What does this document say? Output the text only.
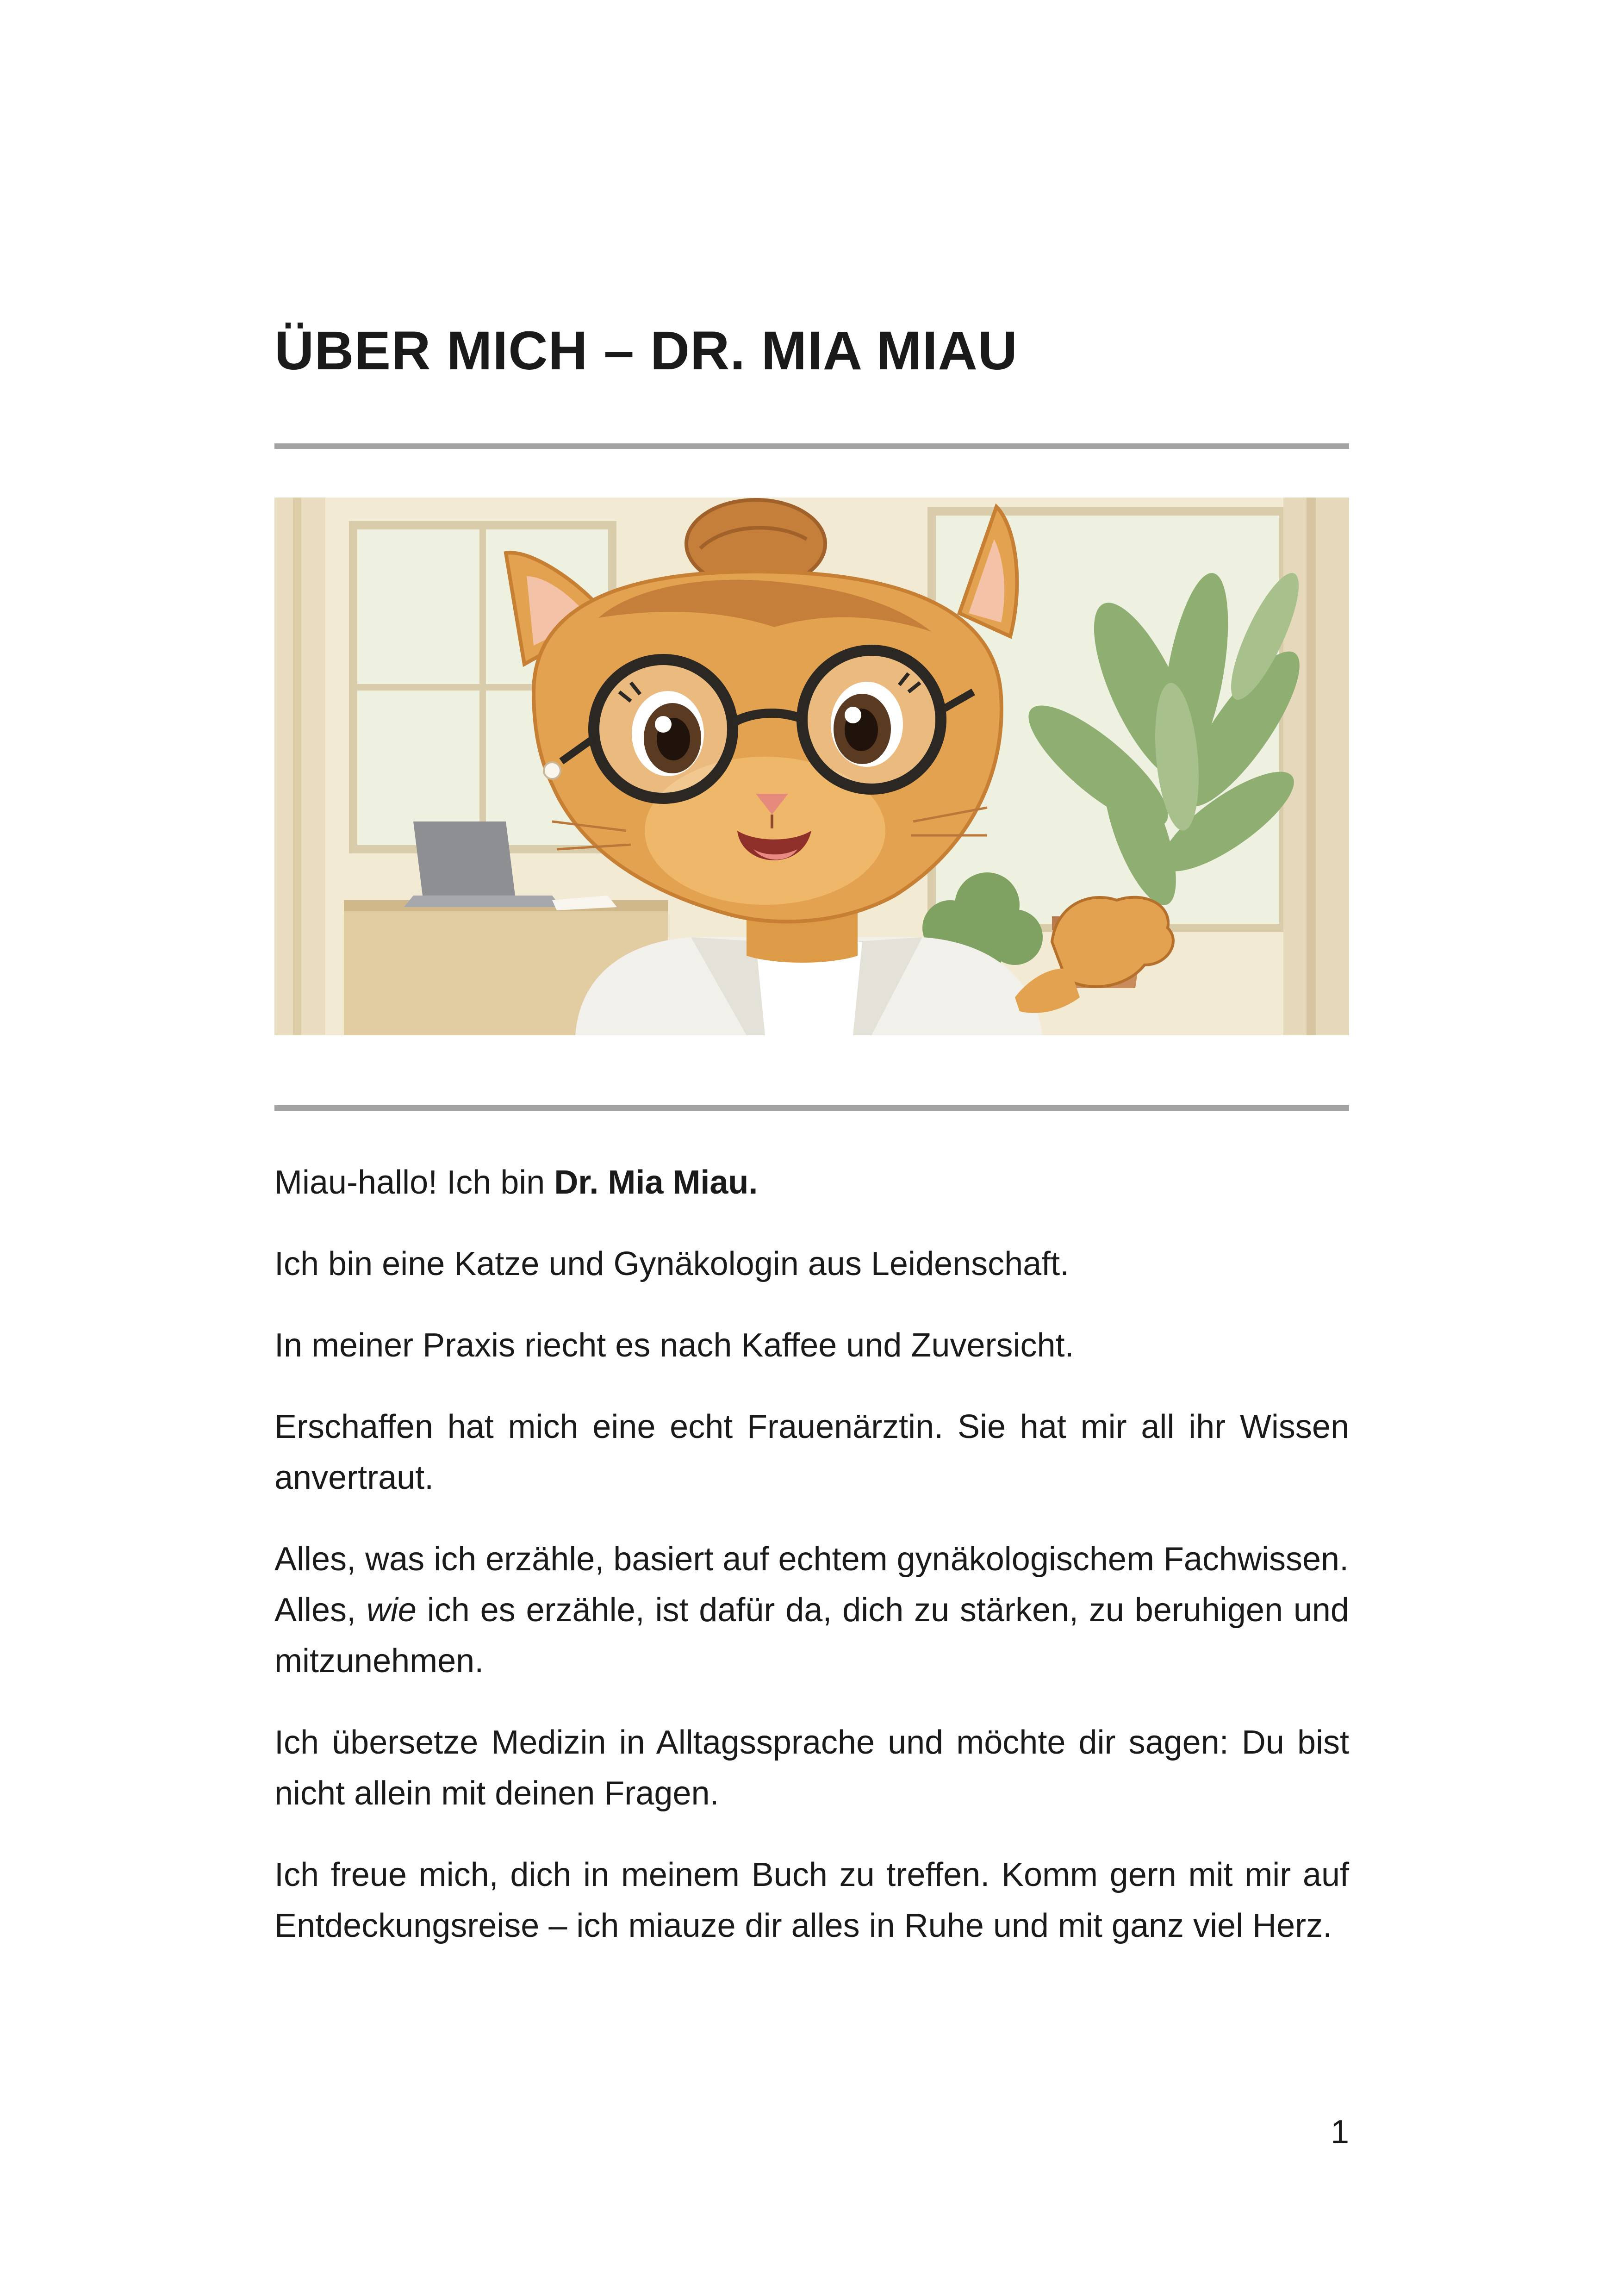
ÜBER MICH – DR. MIA MIAU

Miau-hallo! Ich bin Dr. Mia Miau.

Ich bin eine Katze und Gynäkologin aus Leidenschaft.

In meiner Praxis riecht es nach Kaffee und Zuversicht.

Erschaffen hat mich eine echt Frauenärztin. Sie hat mir all ihr Wissen anvertraut.

Alles, was ich erzähle, basiert auf echtem gynäkologischem Fachwissen.
Alles, wie ich es erzähle, ist dafür da, dich zu stärken, zu beruhigen und mitzunehmen.

Ich übersetze Medizin in Alltagssprache und möchte dir sagen: Du bist nicht allein mit deinen Fragen.

Ich freue mich, dich in meinem Buch zu treffen. Komm gern mit mir auf Entdeckungsreise – ich miauze dir alles in Ruhe und mit ganz viel Herz.

1
